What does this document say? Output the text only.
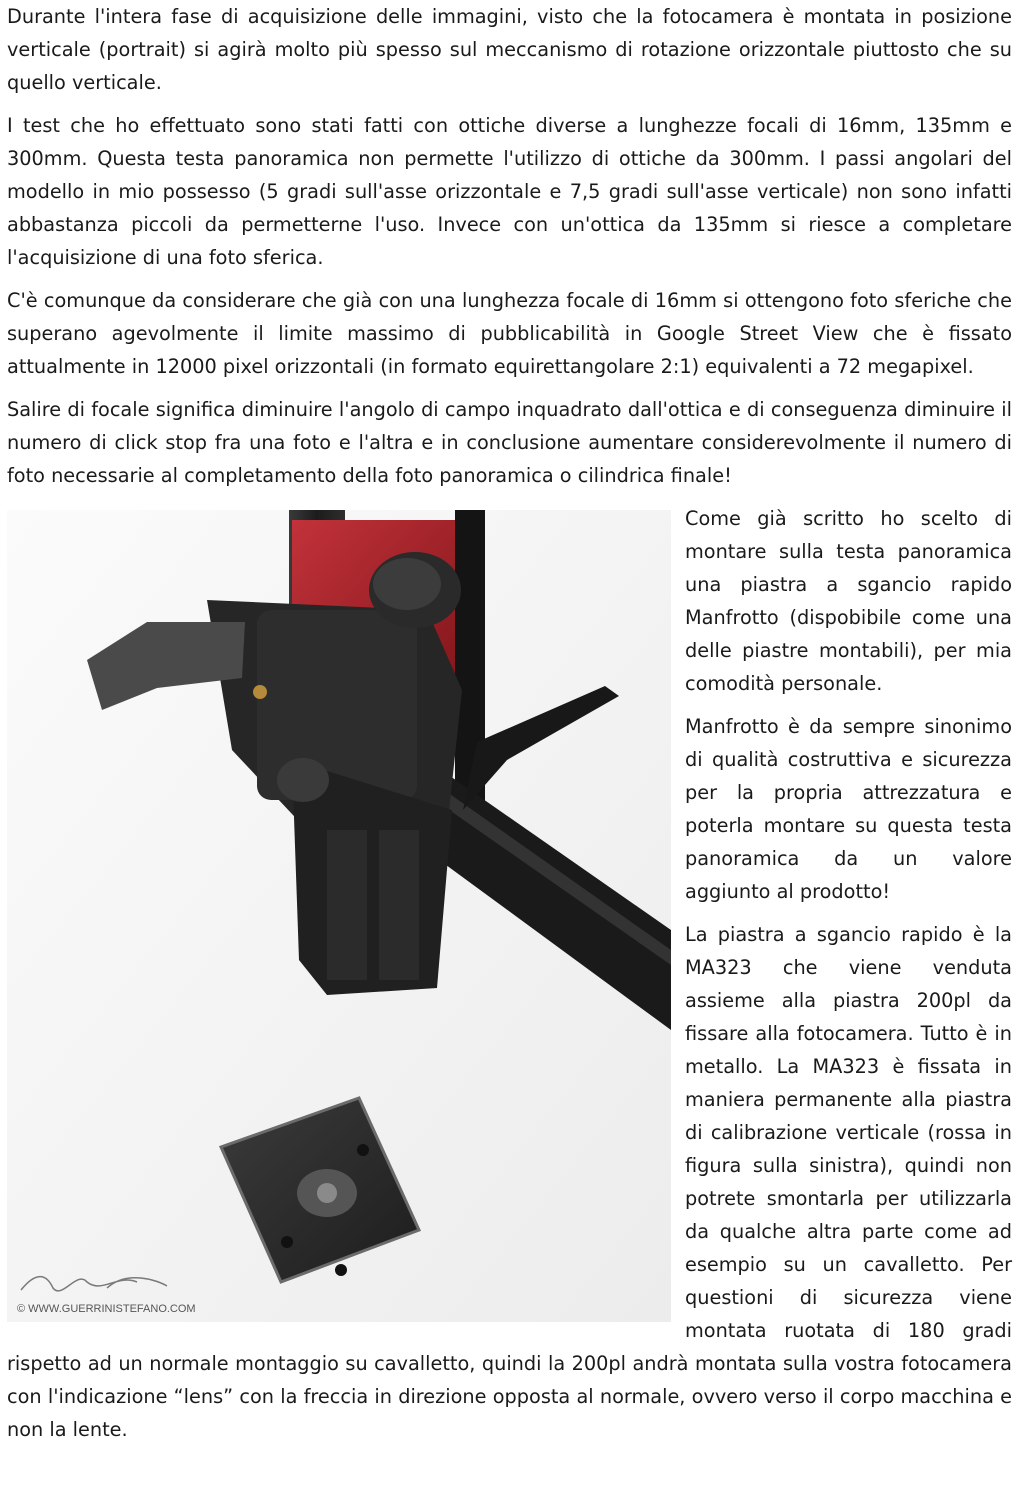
Durante l'intera fase di acquisizione delle immagini, visto che la fotocamera è montata in posizione verticale (portrait) si agirà molto più spesso sul meccanismo di rotazione orizzontale piuttosto che su quello verticale.

I test che ho effettuato sono stati fatti con ottiche diverse a lunghezze focali di 16mm, 135mm e 300mm. Questa testa panoramica non permette l'utilizzo di ottiche da 300mm. I passi angolari del modello in mio possesso (5 gradi sull'asse orizzontale e 7,5 gradi sull'asse verticale) non sono infatti abbastanza piccoli da permetterne l'uso. Invece con un'ottica da 135mm si riesce a completare l'acquisizione di una foto sferica.

C'è comunque da considerare che già con una lunghezza focale di 16mm si ottengono foto sferiche che superano agevolmente il limite massimo di pubblicabilità in Google Street View che è fissato attualmente in 12000 pixel orizzontali (in formato equirettangolare 2:1) equivalenti a 72 megapixel.

Salire di focale significa diminuire l'angolo di campo inquadrato dall'ottica e di conseguenza diminuire il numero di click stop fra una foto e l'altra e in conclusione aumentare considerevolmente il numero di foto necessarie al completamento della foto panoramica o cilindrica finale!

© WWW.GUERRINISTEFANO.COM

Come già scritto ho scelto di montare sulla testa panoramica una piastra a sgancio rapido Manfrotto (dispobibile come una delle piastre montabili), per mia comodità personale.

Manfrotto è da sempre sinonimo di qualità costruttiva e sicurezza per la propria attrezzatura e poterla montare su questa testa panoramica da un valore aggiunto al prodotto!

La piastra a sgancio rapido è la MA323 che viene venduta assieme alla piastra 200pl da fissare alla fotocamera. Tutto è in metallo. La MA323 è fissata in maniera permanente alla piastra di calibrazione verticale (rossa in figura sulla sinistra), quindi non potrete smontarla per utilizzarla da qualche altra parte come ad esempio su un cavalletto. Per questioni di sicurezza viene montata ruotata di 180 gradi rispetto ad un normale montaggio su cavalletto, quindi la 200pl andrà montata sulla vostra fotocamera con l'indicazione “lens” con la freccia in direzione opposta al normale, ovvero verso il corpo macchina e non la lente.
